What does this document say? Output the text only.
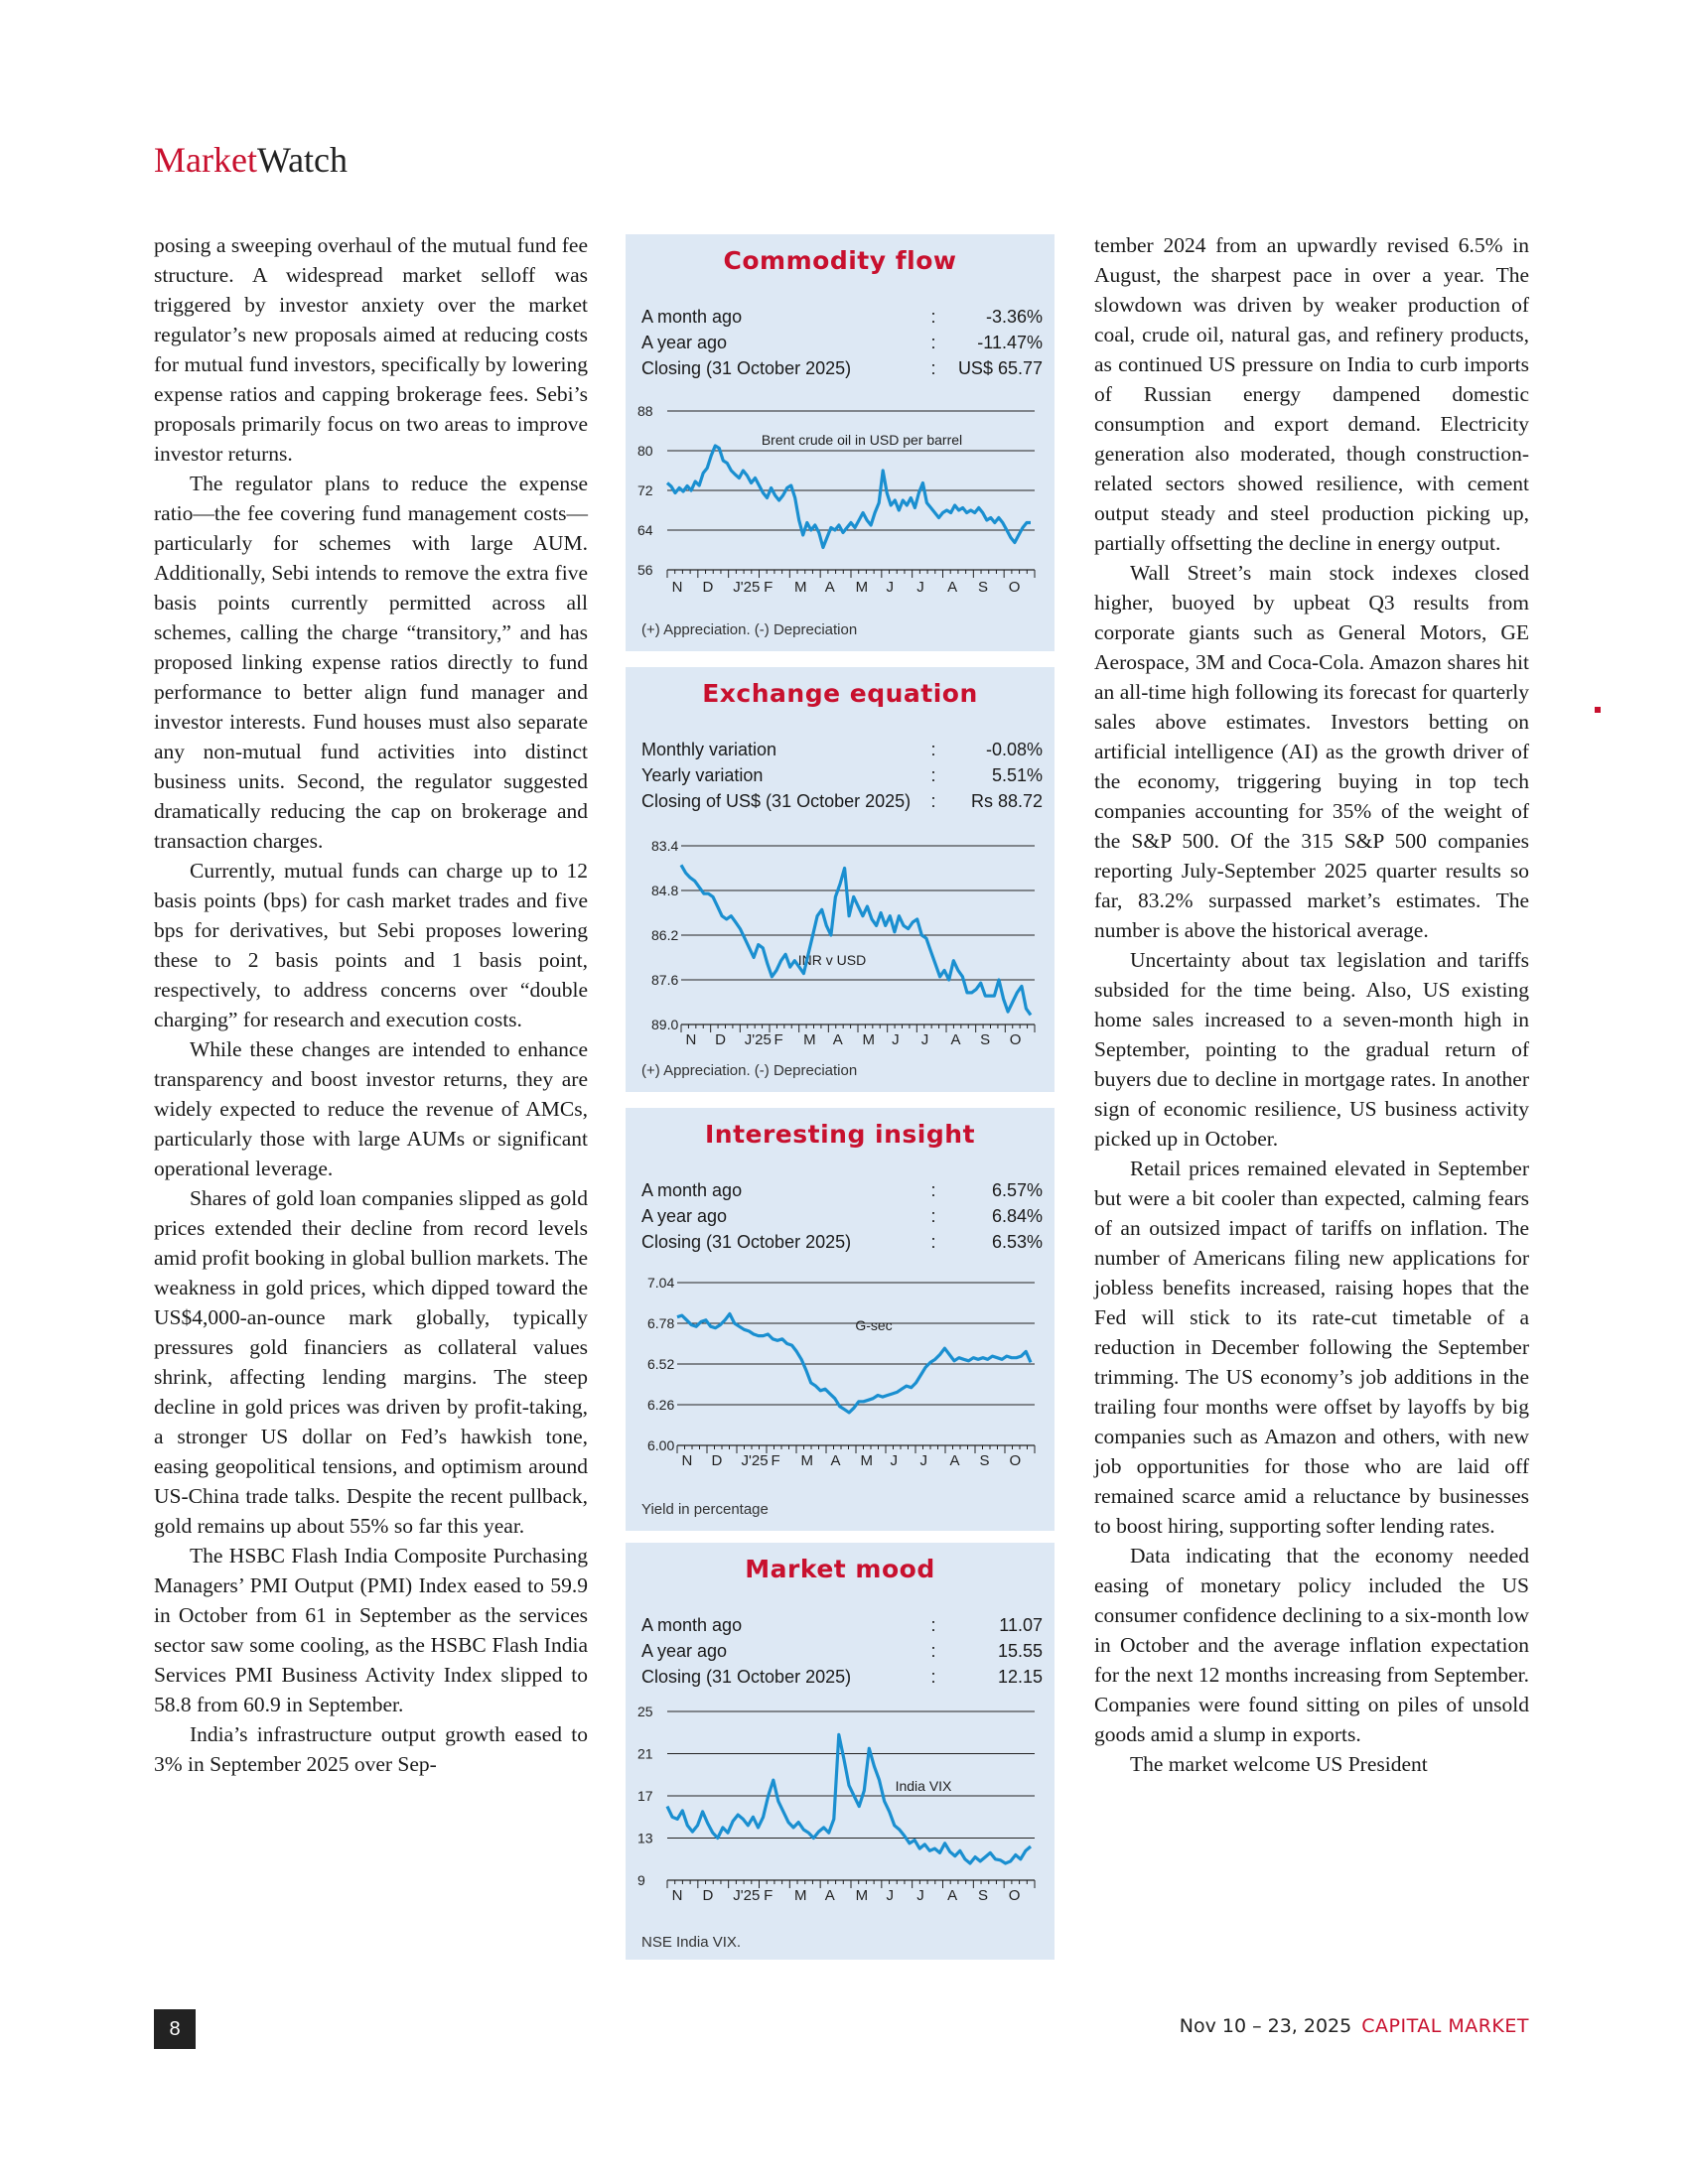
MarketWatch

posing a sweeping overhaul of the mutual fund fee structure. A widespread market selloff was triggered by investor anxiety over the market regulator’s new proposals aimed at reducing costs for mutual fund investors, specifically by lowering expense ratios and capping brokerage fees. Sebi’s proposals primarily focus on two areas to improve investor returns.

The regulator plans to reduce the expense ratio—the fee covering fund management costs—particularly for schemes with large AUM. Additionally, Sebi intends to remove the extra five basis points currently permitted across all schemes, calling the charge “transitory,” and has proposed linking expense ratios directly to fund performance to better align fund manager and investor interests. Fund houses must also separate any non-mutual fund activities into distinct business units. Second, the regulator suggested dramatically reducing the cap on brokerage and transaction charges.

Currently, mutual funds can charge up to 12 basis points (bps) for cash market trades and five bps for derivatives, but Sebi proposes lowering these to 2 basis points and 1 basis point, respectively, to address concerns over “double charging” for research and execution costs.

While these changes are intended to enhance transparency and boost investor returns, they are widely expected to reduce the revenue of AMCs, particularly those with large AUMs or significant operational leverage.

Shares of gold loan companies slipped as gold prices extended their decline from record levels amid profit booking in global bullion markets. The weakness in gold prices, which dipped toward the US$4,000-an-ounce mark globally, typically pressures gold financiers as collateral values shrink, affecting lending margins. The steep decline in gold prices was driven by profit-taking, a stronger US dollar on Fed’s hawkish tone, easing geopolitical tensions, and optimism around US-China trade talks. Despite the recent pullback, gold remains up about 55% so far this year.

The HSBC Flash India Composite Purchasing Managers’ PMI Output (PMI) Index eased to 59.9 in October from 61 in September as the services sector saw some cooling, as the HSBC Flash India Services PMI Business Activity Index slipped to 58.8 from 60.9 in September.

India’s infrastructure output growth eased to 3% in September 2025 over Sep-

tember 2024 from an upwardly revised 6.5% in August, the sharpest pace in over a year. The slowdown was driven by weaker production of coal, crude oil, natural gas, and refinery products, as continued US pressure on India to curb imports of Russian energy dampened domestic consumption and export demand. Electricity generation also moderated, though construction-related sectors showed resilience, with cement output steady and steel production picking up, partially offsetting the decline in energy output.

Wall Street’s main stock indexes closed higher, buoyed by upbeat Q3 results from corporate giants such as General Motors, GE Aerospace, 3M and Coca-Cola. Amazon shares hit an all-time high following its forecast for quarterly sales above estimates. Investors betting on artificial intelligence (AI) as the growth driver of the economy, triggering buying in top tech companies accounting for 35% of the weight of the S&P 500. Of the 315 S&P 500 companies reporting July-September 2025 quarter results so far, 83.2% surpassed market’s estimates. The number is above the historical average.

Uncertainty about tax legislation and tariffs subsided for the time being. Also, US existing home sales increased to a seven-month high in September, pointing to the gradual return of buyers due to decline in mortgage rates. In another sign of economic resilience, US business activity picked up in October.

Retail prices remained elevated in September but were a bit cooler than expected, calming fears of an outsized impact of tariffs on inflation. The number of Americans filing new applications for jobless benefits increased, raising hopes that the Fed will stick to its rate-cut timetable of a reduction in December following the September trimming. The US economy’s job additions in the trailing four months were offset by layoffs by big companies such as Amazon and others, with new job opportunities for those who are laid off remained scarce amid a reluctance by businesses to boost hiring, supporting softer lending rates.

Data indicating that the economy needed easing of monetary policy included the US consumer confidence declining to a six-month low in October and the average inflation expectation for the next 12 months increasing from September. Companies were found sitting on piles of unsold goods amid a slump in exports.

The market welcome US President

Commodity flow
A month ago	:	-3.36%
A year ago	:	-11.47%
Closing (31 October 2025)	:	US$ 65.77
88
80
72
64
56
N D J'25 F M A M J J A S O
Brent crude oil in USD per barrel
(+) Appreciation. (-) Depreciation
Exchange equation
Monthly variation	:	-0.08%
Yearly variation	:	5.51%
Closing of US$ (31 October 2025)	:	Rs 88.72
83.4
84.8
86.2
87.6
89.0
N D J'25 F M A M J J A S O
INR v USD
(+) Appreciation. (-) Depreciation
Interesting insight
A month ago	:	6.57%
A year ago	:	6.84%
Closing (31 October 2025)	:	6.53%
7.04
6.78
6.52
6.26
6.00
N D J'25 F M A M J J A S O
G-sec
Yield in percentage
Market mood
A month ago	:	11.07
A year ago	:	15.55
Closing (31 October 2025)	:	12.15
25
21
17
13
9
N D J'25 F M A M J J A S O
India VIX
NSE India VIX.
8	Nov 10 – 23, 2025 CAPITAL MARKET
